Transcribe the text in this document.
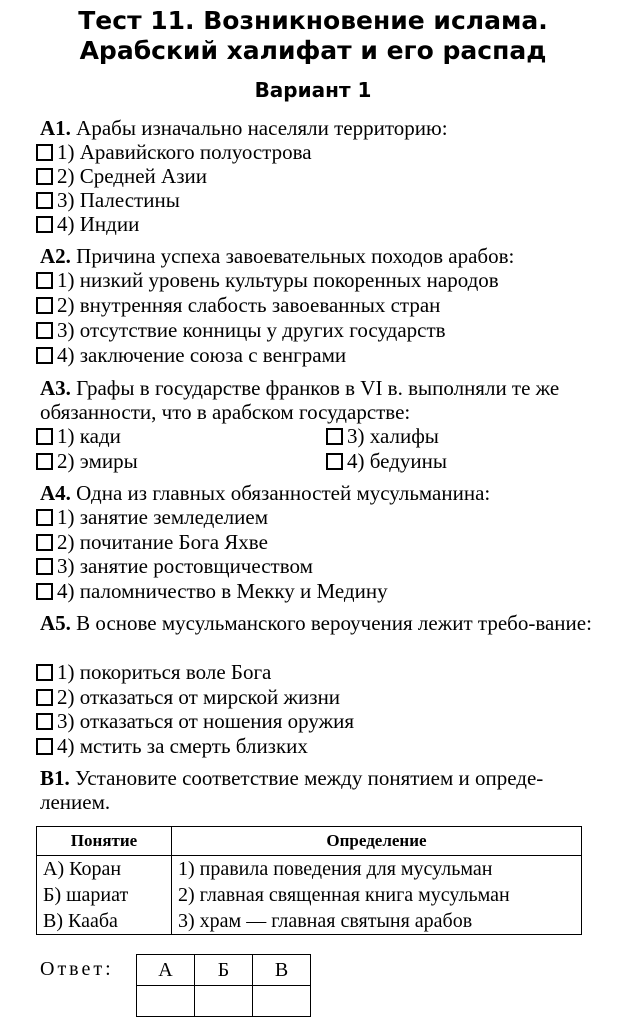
Тест 11. Возникновение ислама.
Арабский халифат и его распад
Вариант 1
А1. Арабы изначально населяли территорию:
1) Аравийского полуострова
2) Средней Азии
3) Палестины
4) Индии
А2. Причина успеха завоевательных походов арабов:
1) низкий уровень культуры покоренных народов
2) внутренняя слабость завоеванных стран
3) отсутствие конницы у других государств
4) заключение союза с венграми
А3. Графы в государстве франков в VI в. выполняли те же обязанности, что в арабском государстве:
1) кади
2) эмиры
3) халифы
4) бедуины
А4. Одна из главных обязанностей мусульманина:
1) занятие земледелием
2) почитание Бога Яхве
3) занятие ростовщичеством
4) паломничество в Мекку и Медину
А5. В основе мусульманского вероучения лежит требо-вание:
1) покориться воле Бога
2) отказаться от мирской жизни
3) отказаться от ношения оружия
4) мстить за смерть близких
В1. Установите соответствие между понятием и опреде-лением.
Понятие	Определение
А) Коран	1) правила поведения для мусульман
Б) шариат	2) главная священная книга мусульман
В) Кааба	3) храм — главная святыня арабов
Ответ: А	Б	В
